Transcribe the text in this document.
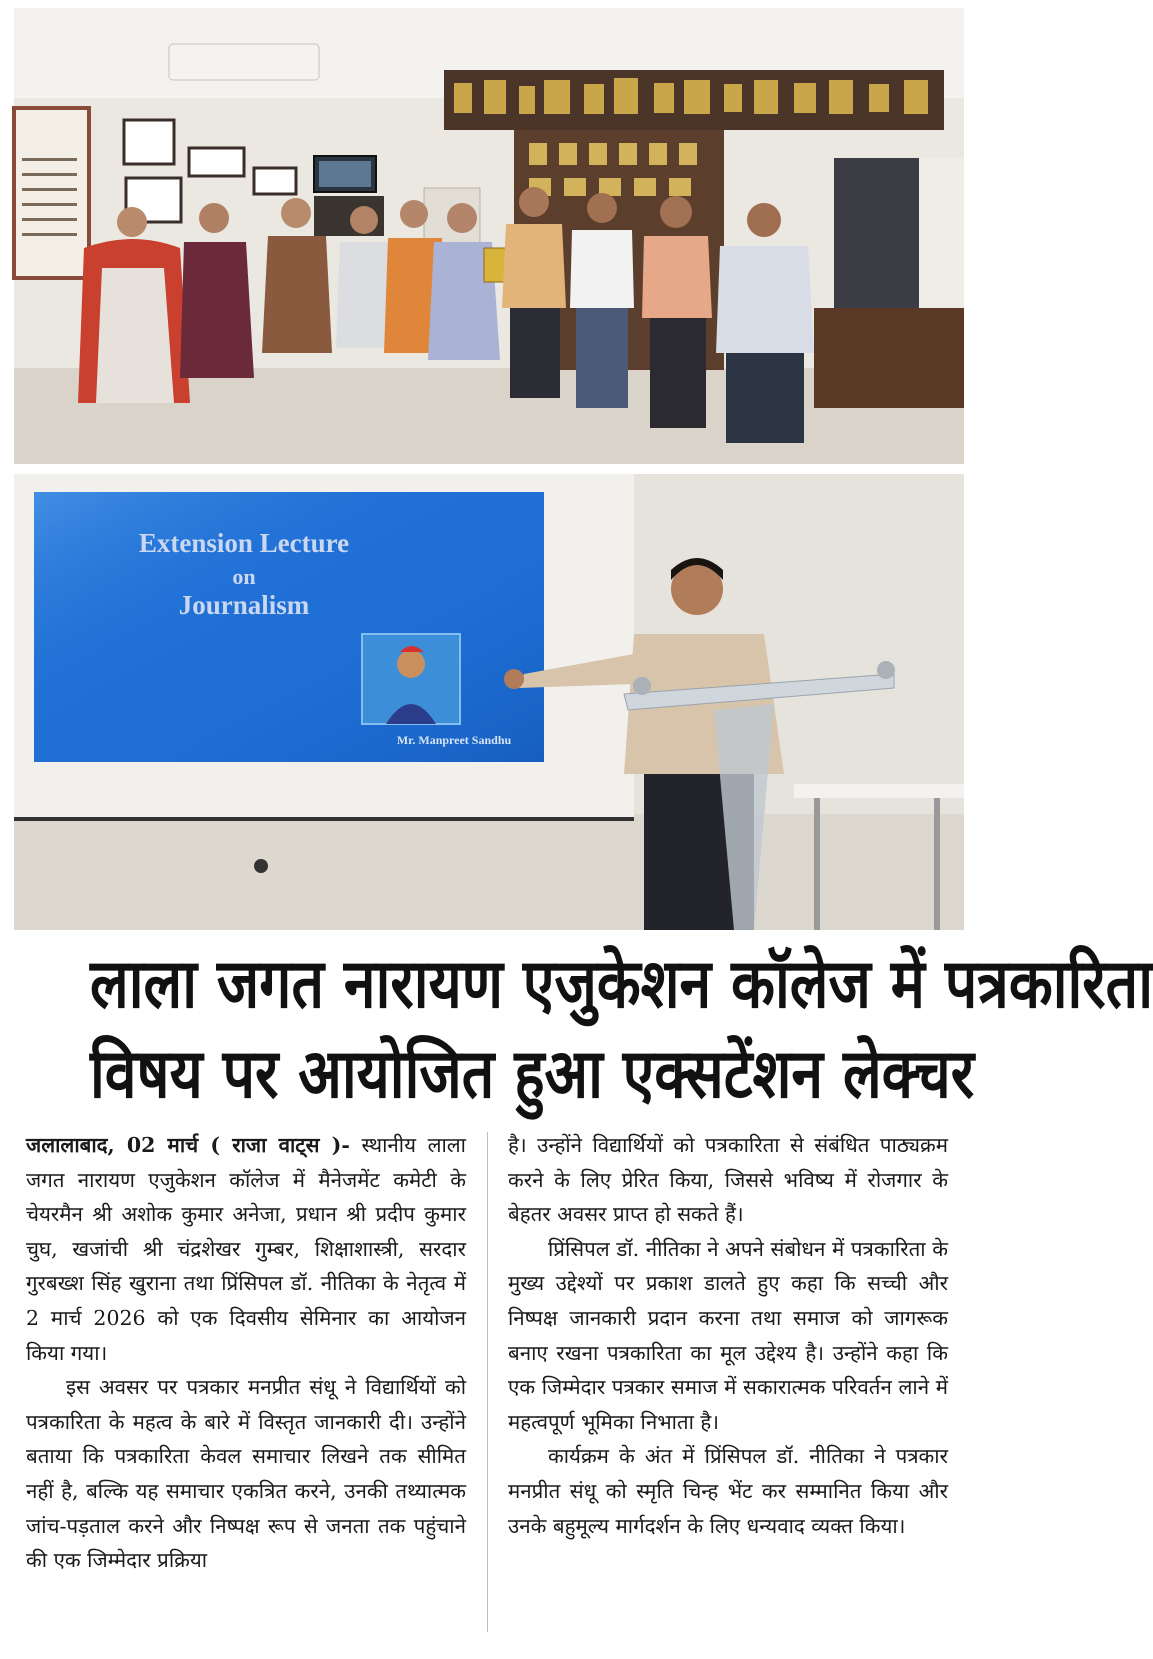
Extension Lecture
on
Journalism
Mr. Manpreet Sandhu
लाला जगत नारायण एजुकेशन कॉलेज में पत्रकारिता
विषय पर आयोजित हुआ एक्सटेंशन लेक्चर

जलालाबाद, 02 मार्च ( राजा वाट्स )- स्थानीय लाला जगत नारायण एजुकेशन कॉलेज में मैनेजमेंट कमेटी के चेयरमैन श्री अशोक कुमार अनेजा, प्रधान श्री प्रदीप कुमार चुघ, खजांची श्री चंद्रशेखर गुम्बर, शिक्षाशास्त्री, सरदार गुरबख्श सिंह खुराना तथा प्रिंसिपल डॉ. नीतिका के नेतृत्व में 2 मार्च 2026 को एक दिवसीय सेमिनार का आयोजन किया गया।

इस अवसर पर पत्रकार मनप्रीत संधू ने विद्यार्थियों को पत्रकारिता के महत्व के बारे में विस्तृत जानकारी दी। उन्होंने बताया कि पत्रकारिता केवल समाचार लिखने तक सीमित नहीं है, बल्कि यह समाचार एकत्रित करने, उनकी तथ्यात्मक जांच-पड़ताल करने और निष्पक्ष रूप से जनता तक पहुंचाने की एक जिम्मेदार प्रक्रिया

है। उन्होंने विद्यार्थियों को पत्रकारिता से संबंधित पाठ्यक्रम करने के लिए प्रेरित किया, जिससे भविष्य में रोजगार के बेहतर अवसर प्राप्त हो सकते हैं।

प्रिंसिपल डॉ. नीतिका ने अपने संबोधन में पत्रकारिता के मुख्य उद्देश्यों पर प्रकाश डालते हुए कहा कि सच्ची और निष्पक्ष जानकारी प्रदान करना तथा समाज को जागरूक बनाए रखना पत्रकारिता का मूल उद्देश्य है। उन्होंने कहा कि एक जिम्मेदार पत्रकार समाज में सकारात्मक परिवर्तन लाने में महत्वपूर्ण भूमिका निभाता है।

कार्यक्रम के अंत में प्रिंसिपल डॉ. नीतिका ने पत्रकार मनप्रीत संधू को स्मृति चिन्ह भेंट कर सम्मानित किया और उनके बहुमूल्य मार्गदर्शन के लिए धन्यवाद व्यक्त किया।
